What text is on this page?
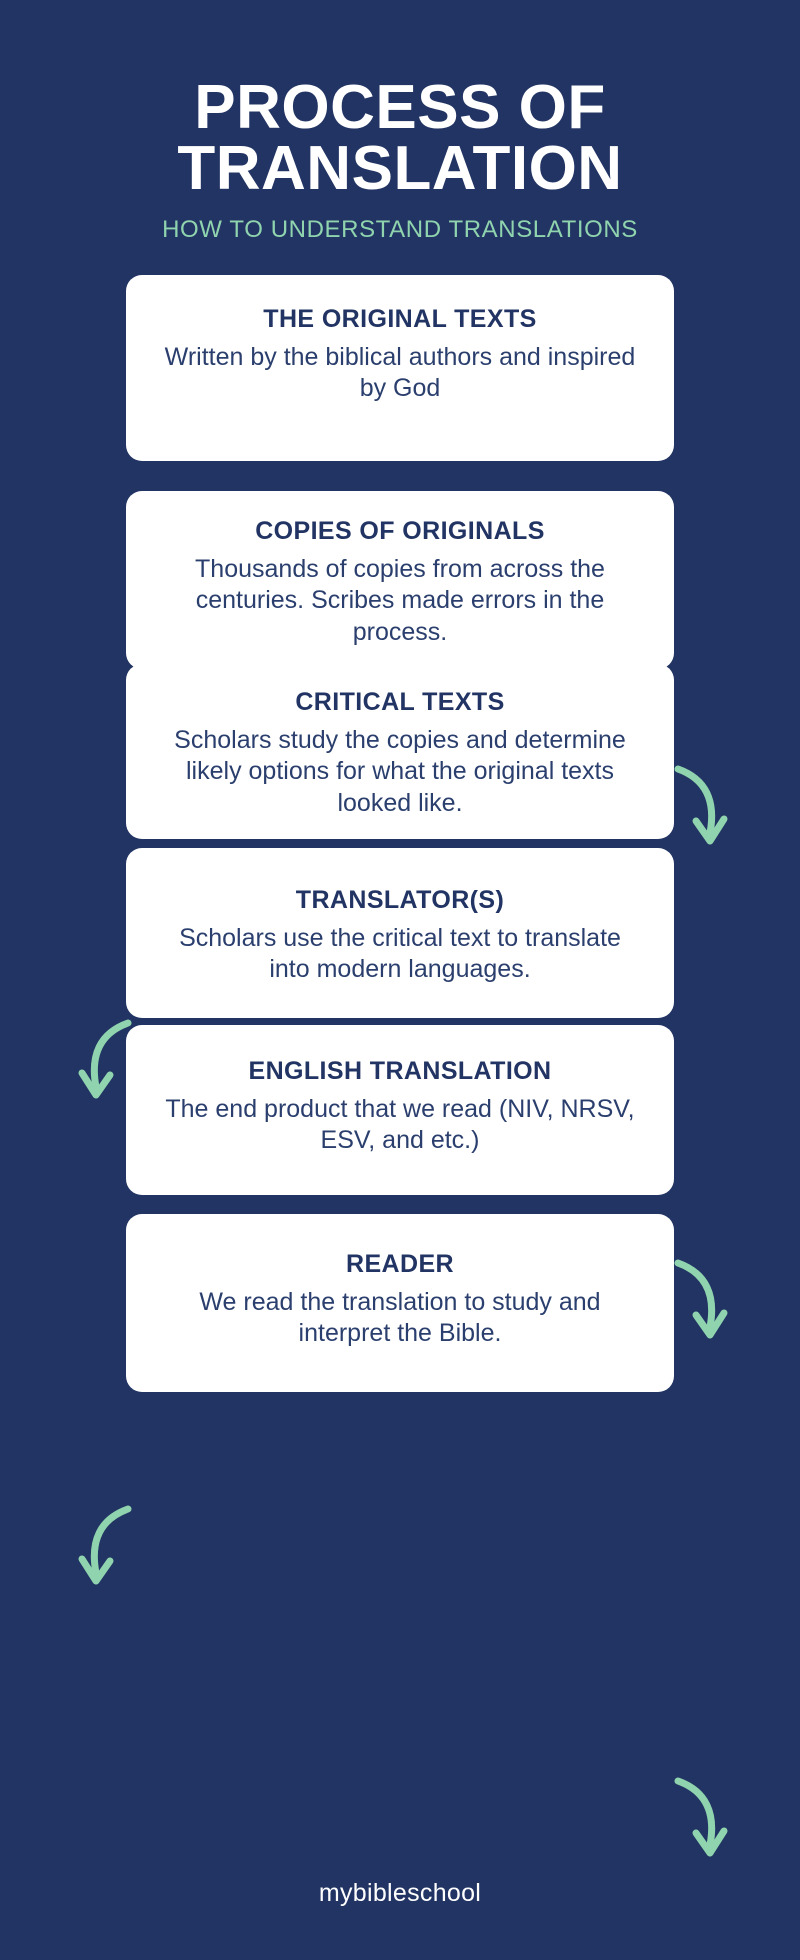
PROCESS OF TRANSLATION
HOW TO UNDERSTAND TRANSLATIONS
THE ORIGINAL TEXTS
Written by the biblical authors and inspired by God
COPIES OF ORIGINALS
Thousands of copies from across the centuries. Scribes made errors in the process.
CRITICAL TEXTS
Scholars study the copies and determine likely options for what the original texts looked like.
TRANSLATOR(S)
Scholars use the critical text to translate into modern languages.
ENGLISH TRANSLATION
The end product that we read (NIV, NRSV, ESV, and etc.)
READER
We read the translation to study and interpret the Bible.
mybibleschool
